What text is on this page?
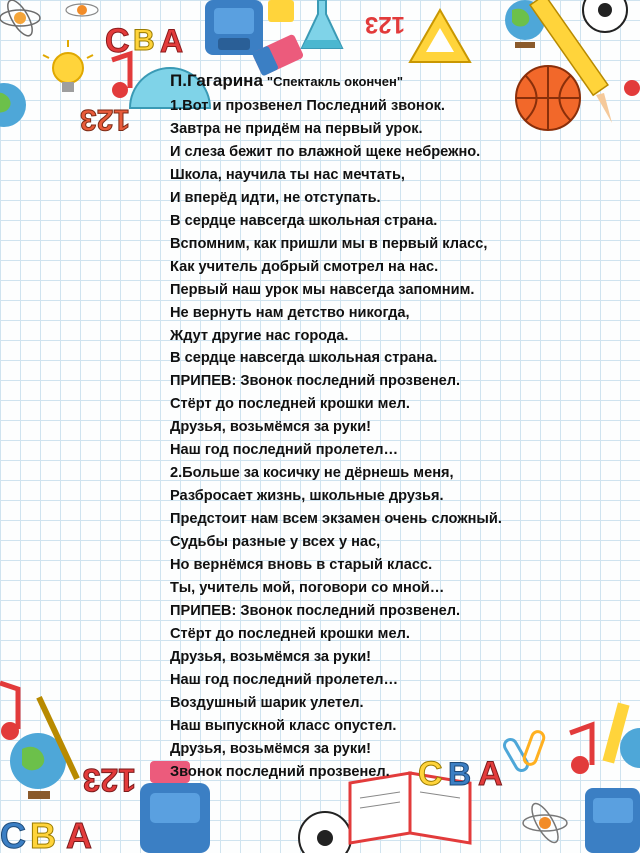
C B A
123
123
123
C B A
C B A
П.Гагарина "Спектакль окончен"
1.Вот и прозвенел Последний звонок.
Завтра не придём на первый урок.
И слеза бежит по влажной щеке небрежно.
Школа, научила ты нас мечтать,
И вперёд идти, не отступать.
В сердце навсегда школьная страна.
Вспомним, как пришли мы в первый класс,
Как учитель добрый смотрел на нас.
Первый наш урок мы навсегда запомним.
Не вернуть нам детство никогда,
Ждут другие нас города.
В сердце навсегда школьная страна.
ПРИПЕВ: Звонок последний прозвенел.
Стёрт до последней крошки мел.
Друзья, возьмёмся за руки!
Наш год последний пролетел…
2.Больше за косичку не дёрнешь меня,
Разбросает жизнь, школьные друзья.
Предстоит нам всем экзамен очень сложный.
Судьбы разные у всех у нас,
Но вернёмся вновь в старый класс.
Ты, учитель мой, поговори со мной…
ПРИПЕВ: Звонок последний прозвенел.
Стёрт до последней крошки мел.
Друзья, возьмёмся за руки!
Наш год последний пролетел…
Воздушный шарик улетел.
Наш выпускной класс опустел.
Друзья, возьмёмся за руки!
Звонок последний прозвенел.
